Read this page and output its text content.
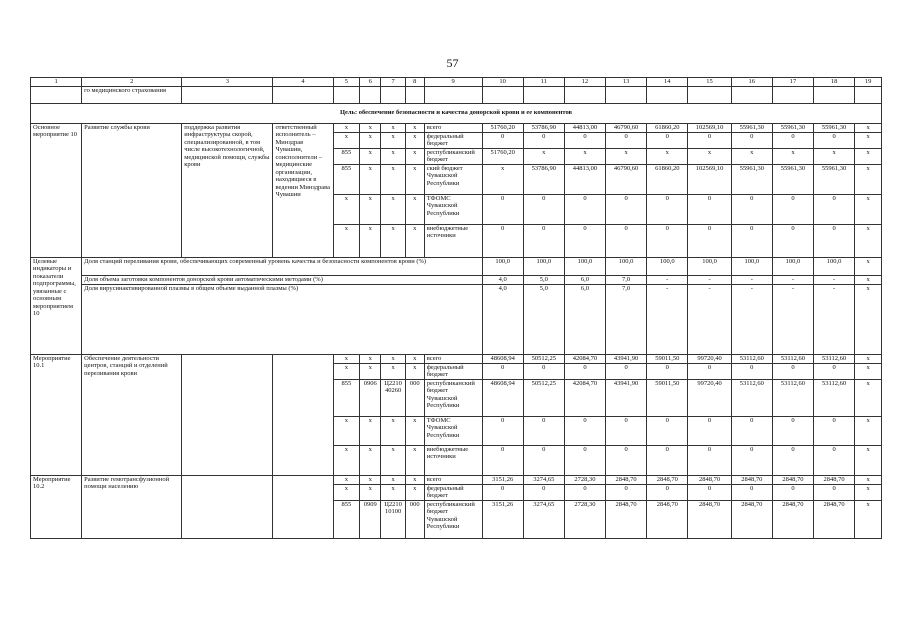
57
1	2	3	4	5	6	7	8	9	10	11	12	13	14	15	16	17	18	19
	го медицинского страхования																	
Цель: обеспечение безопасности и качества донорской крови и ее компонентов																		
Основное мероприятие 10	Развитие службы крови	поддержка развития инфраструктуры скорой, специализированной, в том числе высокотехнологичной, медицинской помощи, службы крови	ответственный исполнитель – Минздрав Чувашии, соисполнители – медицинские организации, находящиеся в ведении Минздрава Чувашии	x	x	x	x	всего	51760,20	53786,90	44813,00	46790,60	61860,20	102569,10	55961,30	55961,30	55961,30	x
				x	x	x	x	федеральный бюджет	0	0	0	0	0	0	0	0	0	x
				855	x	x	x	республиканский бюджет	51760,20	x	x	x	x	x	x	x	x	x
				855	x	x	x	ский бюджет Чувашской Республики	x	53786,90	44813,00	46790,60	61860,20	102569,10	55961,30	55961,30	55961,30	x
				x	x	x	x	ТФОМС Чувашской Республики	0	0	0	0	0	0	0	0	0	x
				x	x	x	x	внебюджетные источники	0	0	0	0	0	0	0	0	0	x
Целевые индикаторы и показатели подпрограммы, увязанные с основным мероприятием 10	Доля станций переливания крови, обеспечивающих современный уровень качества и безопасности компонентов крови (%)								100,0	100,0	100,0	100,0	100,0	100,0	100,0	100,0	100,0	x
	Доля объема заготовки компонентов донорской крови автоматическими методами (%)								4,0	5,0	6,0	7,0	-	-	-	-	-	x
	Доля вирусинактивированной плазмы в общем объеме выданной плазмы (%)								4,0	5,0	6,0	7,0	-	-	-	-	-	x
Мероприятие 10.1	Обеспечение деятельности центров, станций и отделений переливания крови			x	x	x	x	всего	48608,94	50512,25	42084,70	43941,90	59011,50	99720,40	53112,60	53112,60	53112,60	x
				x	x	x	x	федеральный бюджет	0	0	0	0	0	0	0	0	0	x
				855	0906	Ц2210 40260	000	республиканский бюджет Чувашской Республики	48608,94	50512,25	42084,70	43941,90	59011,50	99720,40	53112,60	53112,60	53112,60	x
				x	x	x	x	ТФОМС Чувашской Республики	0	0	0	0	0	0	0	0	0	x
				x	x	x	x	внебюджетные источники	0	0	0	0	0	0	0	0	0	x
Мероприятие 10.2	Развитие гемотрансфузионной помощи населению			x	x	x	x	всего	3151,26	3274,65	2728,30	2848,70	2848,70	2848,70	2848,70	2848,70	2848,70	x
				x	x	x	x	федеральный бюджет	0	0	0	0	0	0	0	0	0	x
				855	0909	Ц2210 10100	000	республиканский бюджет Чувашской Республики	3151,26	3274,65	2728,30	2848,70	2848,70	2848,70	2848,70	2848,70	2848,70	x
